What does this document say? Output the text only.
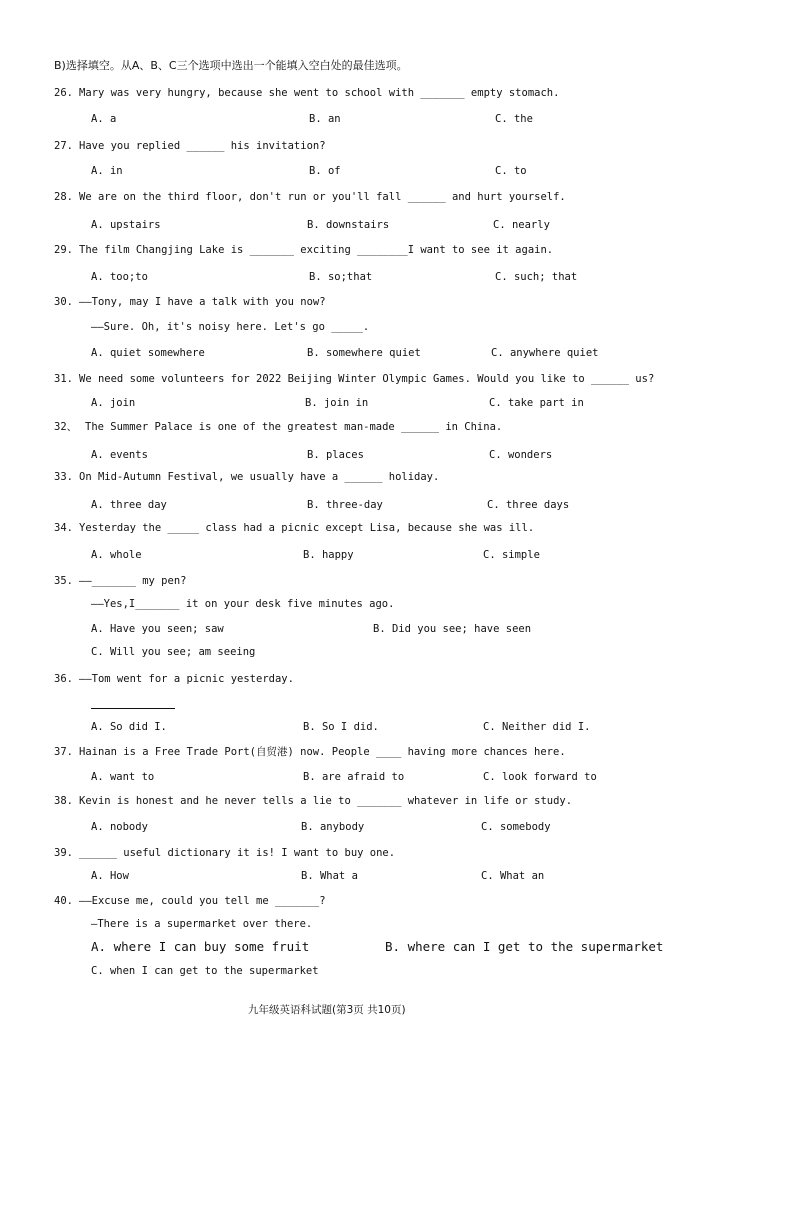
B)选择填空。从A、B、C三个选项中选出一个能填入空白处的最佳选项。
26. Mary was very hungry, because she went to school with _______ empty stomach.
A. a	B. an	C. the
27. Have you replied ______ his invitation?
A. in	B. of	C. to
28. We are on the third floor, don't run or you'll fall ______ and hurt yourself.
A. upstairs	B. downstairs	C. nearly
29. The film Changjing Lake is _______ exciting ________I want to see it again.
A. too;to	B. so;that	C. such; that
30. ——Tony, may I have a talk with you now?
——Sure. Oh, it's noisy here. Let's go _____.
A. quiet somewhere	B. somewhere quiet	C. anywhere quiet
31. We need some volunteers for 2022 Beijing Winter Olympic Games. Would you like to ______ us?
A. join	B. join in	C. take part in
32、 The Summer Palace is one of the greatest man-made ______ in China.
A. events	B. places	C. wonders
33. On Mid-Autumn Festival, we usually have a ______ holiday.
A. three day	B. three-day	C. three days
34. Yesterday the _____ class had a picnic except Lisa, because she was ill.
A. whole	B. happy	C. simple
35. ——_______ my pen?
——Yes,I_______ it on your desk five minutes ago.
A. Have you seen; saw	B. Did you see; have seen
C. Will you see; am seeing
36. ——Tom went for a picnic yesterday.
A. So did I.	B. So I did.	C. Neither did I.
37. Hainan is a Free Trade Port(自贸港) now. People ____ having more chances here.
A. want to	B. are afraid to	C. look forward to
38. Kevin is honest and he never tells a lie to _______ whatever in life or study.
A. nobody	B. anybody	C. somebody
39. ______ useful dictionary it is! I want to buy one.
A. How	B. What a	C. What an
40. ——Excuse me, could you tell me _______?
—There is a supermarket over there.
A. where I can buy some fruit	B. where can I get to the supermarket
C. when I can get to the supermarket
九年级英语科试题(第3页 共10页)
